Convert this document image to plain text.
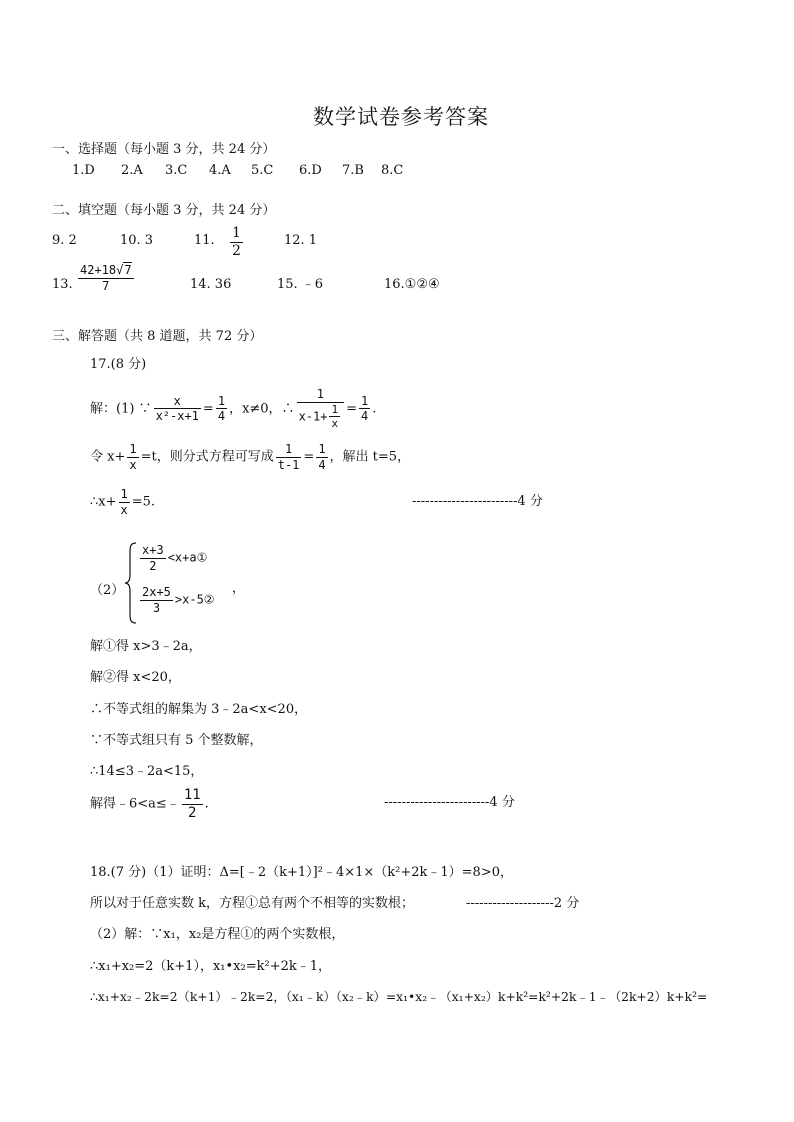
数学试卷参考答案
一、选择题（每小题 3 分，共 24 分）
1.D 2.A 3.C 4.A 5.C 6.D 7.B 8.C
二、填空题（每小题 3 分，共 24 分）
9. 2	10. 3	11. $\frac{1}{2}$	12. 1
13. $\frac{42+18√7}{7}$	14. 36	15. ﹣6	16.①②④
三、解答题（共 8 道题，共 72 分）
17.(8 分)
解：(1) ∵ $\frac{x}{\text{x²-x+1}} = \frac{1}{4}$ ，x≠0，∴ $\frac{1}{x-1+ \frac{1}{x}} = \frac{1}{4}$ .
令 $x+ \frac{1}{x} =t$，则分式方程可写成 $\frac{1}{t-1} = \frac{1}{4}$ ，解出 t=5，
∴x+ $\frac{1}{x} =5$.	------------------------4 分
（2）
$\frac{x+3}{2}$ <x+a①
$\frac{2x+5}{3}$ >x-5②
，
解①得 x>3﹣2a，
解②得 x<20，
∴不等式组的解集为 3﹣2a<x<20，
∵不等式组只有 5 个整数解，
∴14≤3﹣2a<15，
解得﹣6<a≤﹣ $\frac{11}{2}$ .	------------------------4 分
18.(7 分)（1）证明：Δ=[﹣2（k+1）]²﹣4×1×（k²+2k﹣1）=8>0，
所以对于任意实数 k，方程①总有两个不相等的实数根；	--------------------2 分
（2）解：∵x₁，x₂是方程①的两个实数根，
∴x₁+x₂=2（k+1），x₁•x₂=k²+2k﹣1，
∴x₁+x₂﹣2k=2（k+1）﹣2k=2，（x₁﹣k）（x₂﹣k）=x₁•x₂﹣（x₁+x₂）k+k²=k²+2k﹣1﹣（2k+2）k+k²=
